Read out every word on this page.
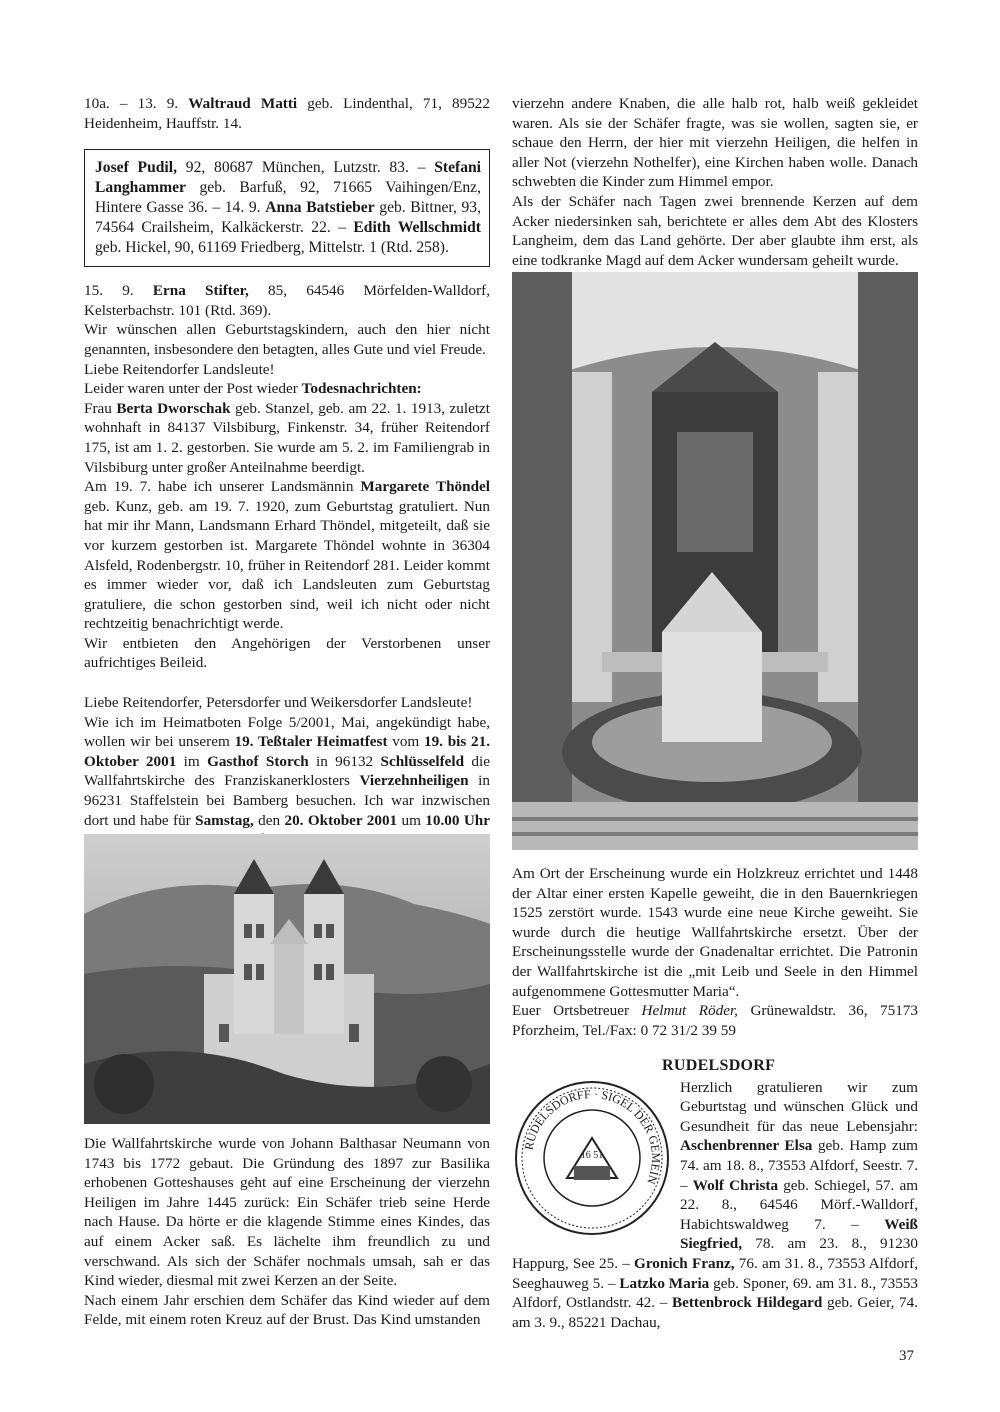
10a. – 13. 9. Waltraud Matti geb. Lindenthal, 71, 89522 Heidenheim, Hauffstr. 14.

Josef Pudil, 92, 80687 München, Lutzstr. 83. – Stefani Langhammer geb. Barfuß, 92, 71665 Vaihingen/Enz, Hintere Gasse 36. – 14. 9. Anna Batstieber geb. Bittner, 93, 74564 Crailsheim, Kalkäckerstr. 22. – Edith Wellschmidt geb. Hickel, 90, 61169 Friedberg, Mittelstr. 1 (Rtd. 258).

15. 9. Erna Stifter, 85, 64546 Mörfelden-Walldorf, Kelsterbachstr. 101 (Rtd. 369).

Wir wünschen allen Geburtstagskindern, auch den hier nicht genannten, insbesondere den betagten, alles Gute und viel Freude.

Liebe Reitendorfer Landsleute!

Leider waren unter der Post wieder Todesnachrichten:

Frau Berta Dworschak geb. Stanzel, geb. am 22. 1. 1913, zuletzt wohnhaft in 84137 Vilsbiburg, Finkenstr. 34, früher Reitendorf 175, ist am 1. 2. gestorben. Sie wurde am 5. 2. im Familiengrab in Vilsbiburg unter großer Anteilnahme beerdigt.

Am 19. 7. habe ich unserer Landsmännin Margarete Thöndel geb. Kunz, geb. am 19. 7. 1920, zum Geburtstag gratuliert. Nun hat mir ihr Mann, Landsmann Erhard Thöndel, mitgeteilt, daß sie vor kurzem gestorben ist. Margarete Thöndel wohnte in 36304 Alsfeld, Rodenbergstr. 10, früher in Reitendorf 281. Leider kommt es immer wieder vor, daß ich Landsleuten zum Geburtstag gratuliere, die schon gestorben sind, weil ich nicht oder nicht rechtzeitig benachrichtigt werde.

Wir entbieten den Angehörigen der Verstorbenen unser aufrichtiges Beileid.

Liebe Reitendorfer, Petersdorfer und Weikersdorfer Landsleute!

Wie ich im Heimatboten Folge 5/2001, Mai, angekündigt habe, wollen wir bei unserem 19. Teßtaler Heimatfest vom 19. bis 21. Oktober 2001 im Gasthof Storch in 96132 Schlüsselfeld die Wallfahrtskirche des Franziskanerklosters Vierzehnheiligen in 96231 Staffelstein bei Bamberg besuchen. Ich war inzwischen dort und habe für Samstag, den 20. Oktober 2001 um 10.00 Uhr

Die Wallfahrtskirche wurde von Johann Balthasar Neumann von 1743 bis 1772 gebaut. Die Gründung des 1897 zur Basilika erhobenen Gotteshauses geht auf eine Erscheinung der vierzehn Heiligen im Jahre 1445 zurück: Ein Schäfer trieb seine Herde nach Hause. Da hörte er die klagende Stimme eines Kindes, das auf einem Acker saß. Es lächelte ihm freundlich zu und verschwand. Als sich der Schäfer nochmals umsah, sah er das Kind wieder, diesmal mit zwei Kerzen an der Seite.

Nach einem Jahr erschien dem Schäfer das Kind wieder auf dem Felde, mit einem roten Kreuz auf der Brust. Das Kind umstanden

vierzehn andere Knaben, die alle halb rot, halb weiß gekleidet waren. Als sie der Schäfer fragte, was sie wollen, sagten sie, er schaue den Herrn, der hier mit vierzehn Heiligen, die helfen in aller Not (vierzehn Nothelfer), eine Kirchen haben wolle. Danach schwebten die Kinder zum Himmel empor.

Als der Schäfer nach Tagen zwei brennende Kerzen auf dem Acker niedersinken sah, berichtete er alles dem Abt des Klosters Langheim, dem das Land gehörte. Der aber glaubte ihm erst, als eine todkranke Magd auf dem Acker wundersam geheilt wurde.

Am Ort der Erscheinung wurde ein Holzkreuz errichtet und 1448 der Altar einer ersten Kapelle geweiht, die in den Bauernkriegen 1525 zerstört wurde. 1543 wurde eine neue Kirche geweiht. Sie wurde durch die heutige Wallfahrtskirche ersetzt. Über der Erscheinungsstelle wurde der Gnadenaltar errichtet. Die Patronin der Wallfahrtskirche ist die „mit Leib und Seele in den Himmel aufgenommene Gottesmutter Maria“.

Euer Ortsbetreuer Helmut Röder, Grünewaldstr. 36, 75173 Pforzheim, Tel./Fax: 0 72 31/2 39 59

RUDELSDORF

RUDELSDORFF · SIGEL DER GEMEIN
16 51

Herzlich gratulieren wir zum Geburtstag und wünschen Glück und Gesundheit für das neue Lebensjahr: Aschenbrenner Elsa geb. Hamp zum 74. am 18. 8., 73553 Alfdorf, Seestr. 7. – Wolf Christa geb. Schiegel, 57. am 22. 8., 64546 Mörf.-Walldorf, Habichtswaldweg 7. – Weiß Siegfried, 78. am 23. 8., 91230 Happurg, See 25. – Gronich Franz, 76. am 31. 8., 73553 Alfdorf, Seeghauweg 5. – Latzko Maria geb. Sponer, 69. am 31. 8., 73553 Alfdorf, Ostlandstr. 42. – Bettenbrock Hildegard geb. Geier, 74. am 3. 9., 85221 Dachau,

37
